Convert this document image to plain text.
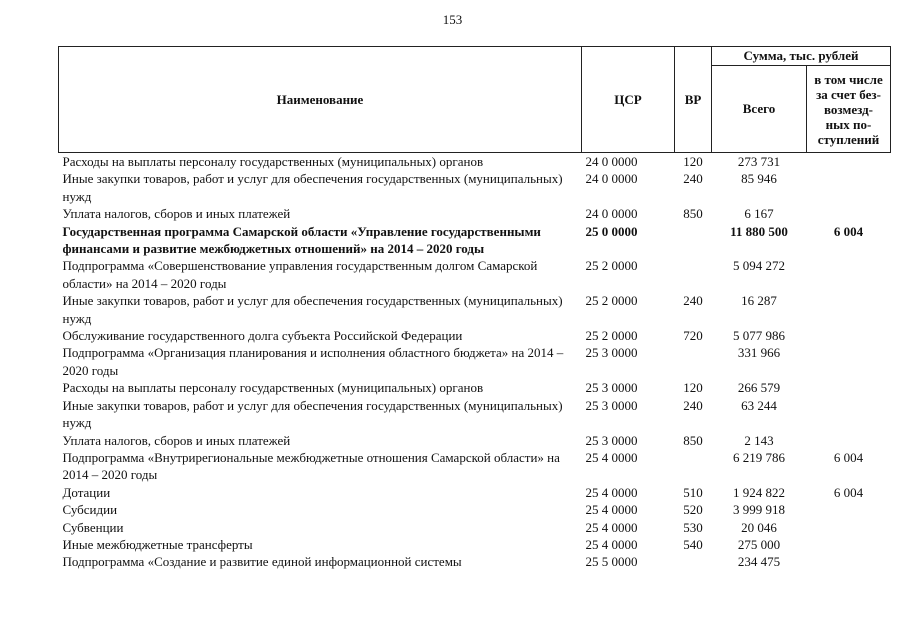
153
Наименование	ЦСР	ВР	Сумма, тыс. рублей	
			Всего	в том числе
за счет без-
возмезд-
ных по-
ступлений

Расходы на выплаты персоналу государственных (муниципальных) органов	24 0 0000	120	273 731	
Иные закупки товаров, работ и услуг для обеспечения государственных (муниципальных) нужд	24 0 0000	240	85 946	
Уплата налогов, сборов и иных платежей	24 0 0000	850	6 167	
Государственная программа Самарской области «Управление государственными финансами и развитие межбюджетных отношений» на 2014 – 2020 годы	25 0 0000		11 880 500	6 004
Подпрограмма «Совершенствование управления государственным долгом Самарской области» на 2014 – 2020 годы	25 2 0000		5 094 272	
Иные закупки товаров, работ и услуг для обеспечения государственных (муниципальных) нужд	25 2 0000	240	16 287	
Обслуживание государственного долга субъекта Российской Федерации	25 2 0000	720	5 077 986	
Подпрограмма «Организация планирования и исполнения областного бюджета» на 2014 – 2020 годы	25 3 0000		331 966	
Расходы на выплаты персоналу государственных (муниципальных) органов	25 3 0000	120	266 579	
Иные закупки товаров, работ и услуг для обеспечения государственных (муниципальных) нужд	25 3 0000	240	63 244	
Уплата налогов, сборов и иных платежей	25 3 0000	850	2 143	
Подпрограмма «Внутрирегиональные межбюджетные отношения Самарской области» на 2014 – 2020 годы	25 4 0000		6 219 786	6 004
Дотации	25 4 0000	510	1 924 822	6 004
Субсидии	25 4 0000	520	3 999 918	
Субвенции	25 4 0000	530	20 046	
Иные межбюджетные трансферты	25 4 0000	540	275 000	
Подпрограмма «Создание и развитие единой информационной системы	25 5 0000		234 475	
